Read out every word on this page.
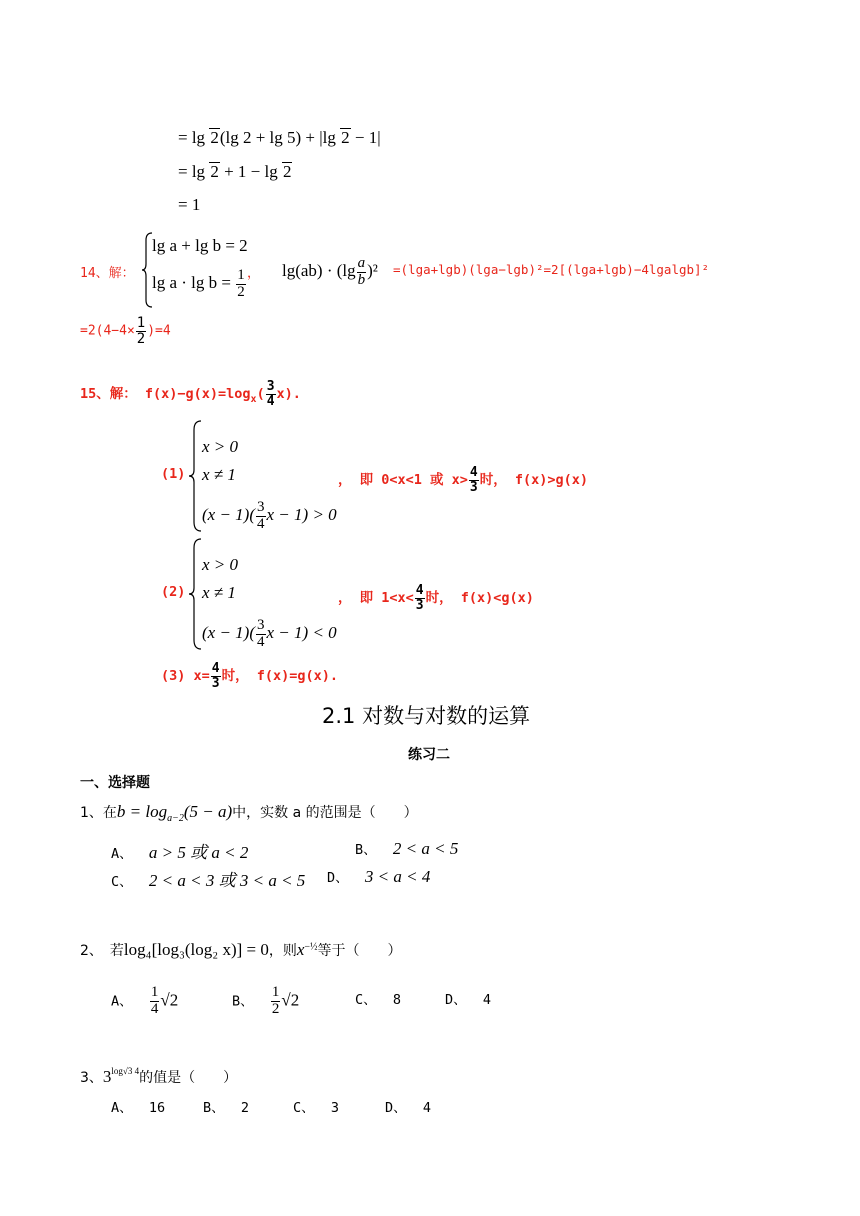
= lg 2(lg 2 + lg 5) + |lg 2 − 1|
= lg 2 + 1 − lg 2
= 1
14、解：
lg a + lg b = 2
$\lg a \cdot \lg b = \frac{1}{2}$ ， $\lg(ab) \cdot (\lg \frac{a}{b} )^2 =(\lg a+\lg b)(\lg a-\lg b)^2=2[(\lg a+\lg b)-4lgalgb]^2$
$=2(4-4\times \frac{1}{2} )=4$
15、解： $f(x)-g(x)=\log_x( \frac{3}{4} x)$.
(1)
x > 0
x ≠ 1
$(x - 1)( \frac{3}{4}$ x − 1) > 0
， 即 0<x<1 或 $x> \frac{4}{3}$ 时， f(x)>g(x)
(2)
x > 0
x ≠ 1
$(x - 1)( \frac{3}{4}$ x − 1) < 0
， 即 $1<x< \frac{4}{3}$ 时， f(x)<g(x)
(3) $x= \frac{4}{3}$ 时， f(x)=g(x).
2.1 对数与对数的运算
练习二
一、选择题
1、在$b = \log_{a-2}(5 - a)$中，实数 a 的范围是（　　）
A、 a > 5 或 a < 2	B、 2 < a < 5
C、 2 < a < 3 或 3 < a < 5 D、 3 < a < 4
2、　若log₄[log₃(log₂ x)] = 0，则$x^{-\frac{1}{2}}$等于（　　）
A、 $\frac{1}{4} √2$	B、 $\frac{1}{2} √2$	C、 8	D、 4
3、$3^{log√3 4}$的值是（　　）
A、 16	B、 2	C、 3	D、 4
